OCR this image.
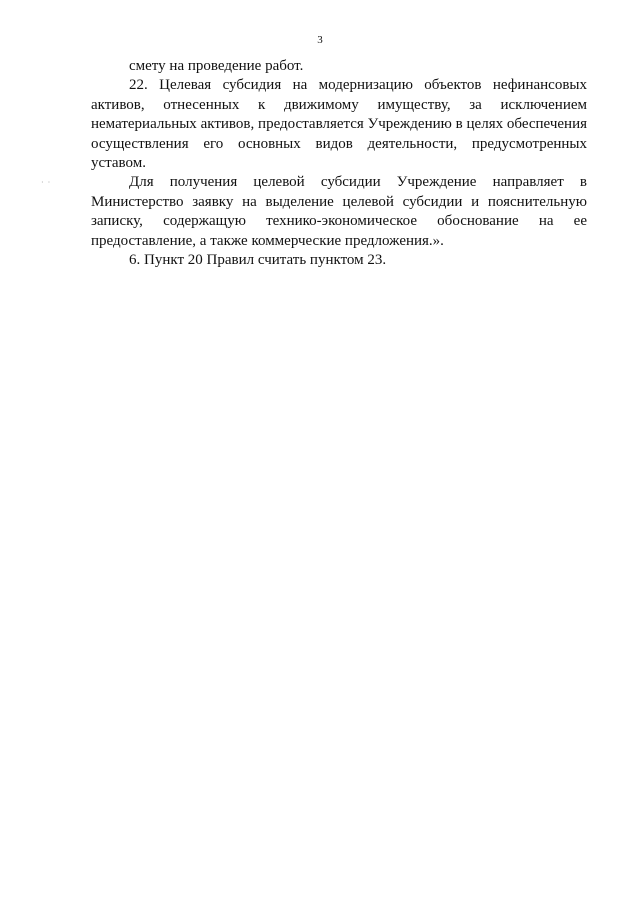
3
· ·

смету на проведение работ.

22. Целевая субсидия на модернизацию объектов нефинансовых активов, отнесенных к движимому имуществу, за исключением нематериальных активов, предоставляется Учреждению в целях обеспечения осуществления его основных видов деятельности, предусмотренных уставом.

Для получения целевой субсидии Учреждение направляет в Министерство заявку на выделение целевой субсидии и пояснительную записку, содержащую технико-экономическое обоснование на ее предоставление, а также коммерческие предложения.».

6. Пункт 20 Правил считать пунктом 23.
